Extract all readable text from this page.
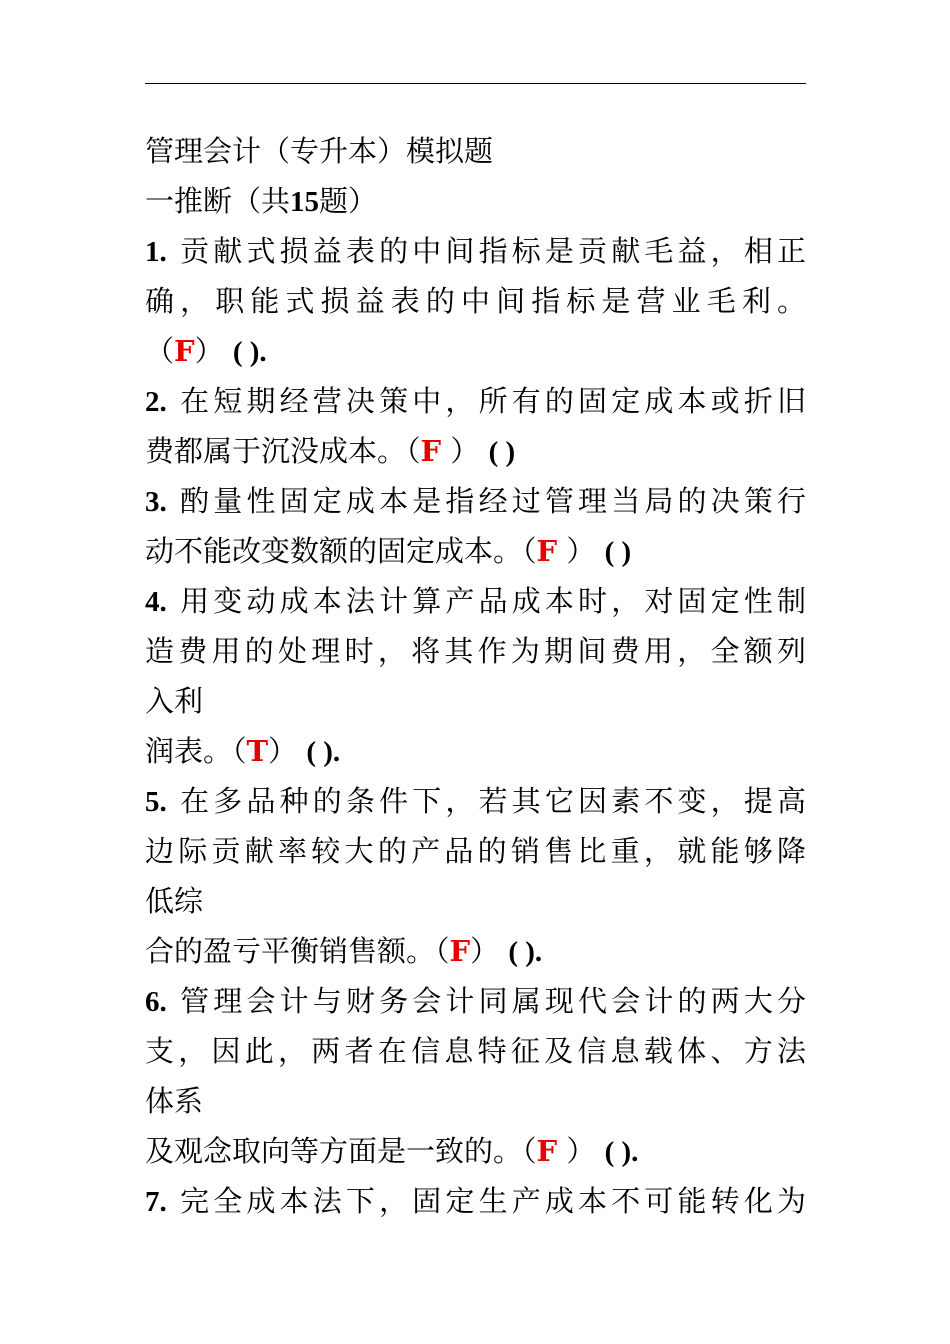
管理会计（专升本）模拟题
一推断（共15题）
1. 贡献式损益表的中间指标是贡献毛益，相正
确，职能式损益表的中间指标是营业毛利。
（F） ( ).
2. 在短期经营决策中，所有的固定成本或折旧
费都属于沉没成本。（F ） ( )
3. 酌量性固定成本是指经过管理当局的决策行
动不能改变数额的固定成本。（F ） ( )
4. 用变动成本法计算产品成本时，对固定性制
造费用的处理时，将其作为期间费用，全额列
入利
润表。（T） ( ).
5. 在多品种的条件下，若其它因素不变，提高
边际贡献率较大的产品的销售比重，就能够降
低综
合的盈亏平衡销售额。（F） ( ).
6. 管理会计与财务会计同属现代会计的两大分
支，因此，两者在信息特征及信息载体、方法
体系
及观念取向等方面是一致的。（F ） ( ).
7. 完全成本法下，固定生产成本不可能转化为
